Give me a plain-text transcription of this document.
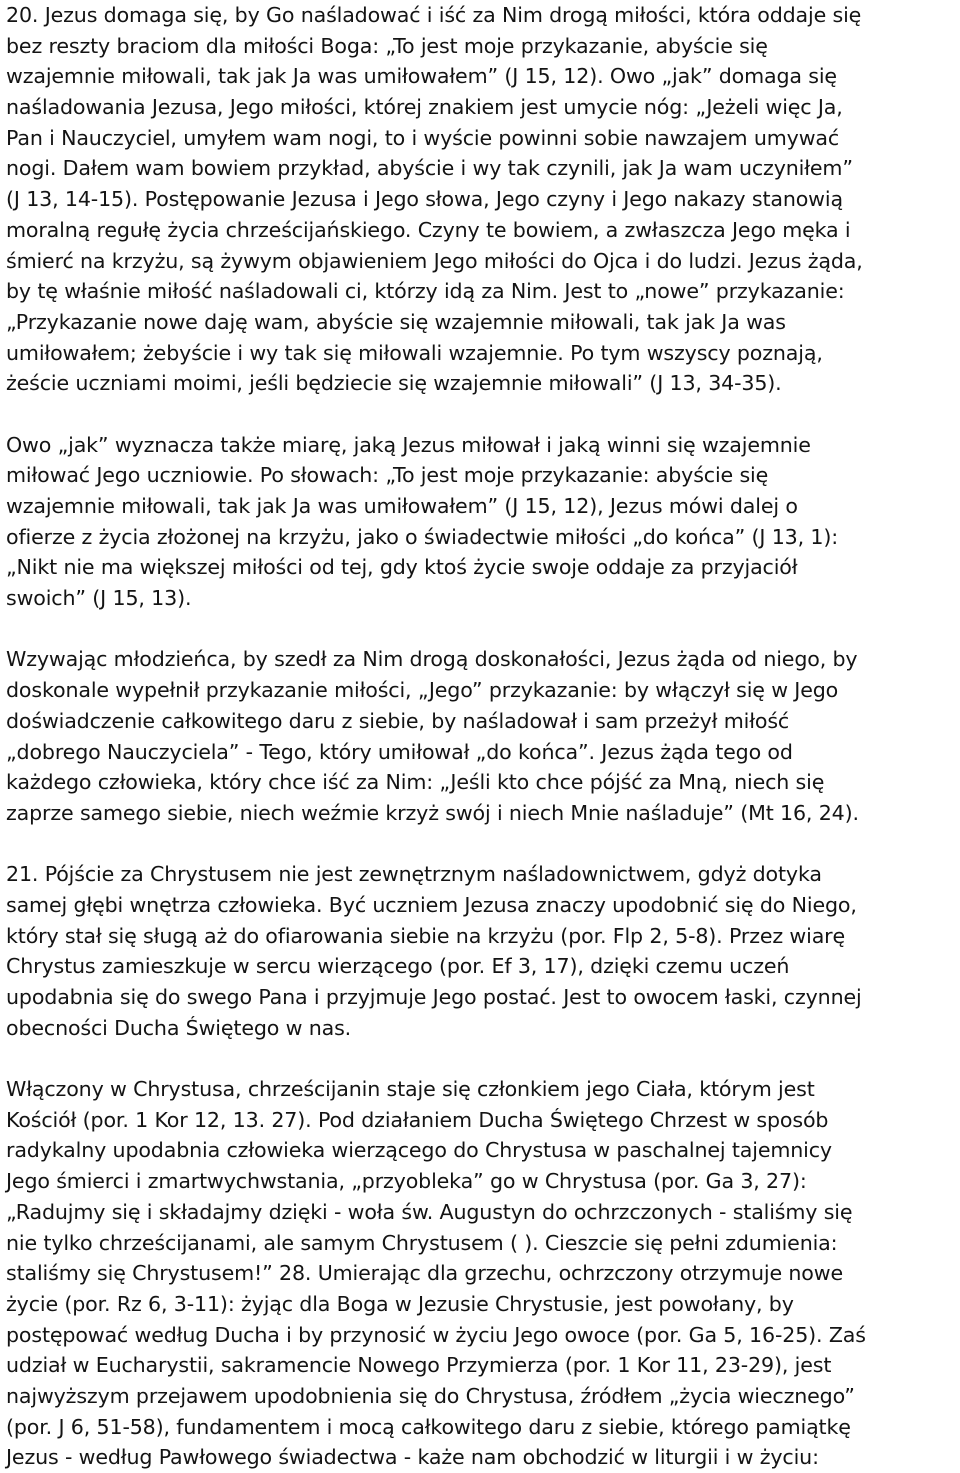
20. Jezus domaga się, by Go naśladować i iść za Nim drogą miłości, która oddaje się
bez reszty braciom dla miłości Boga: „To jest moje przykazanie, abyście się
wzajemnie miłowali, tak jak Ja was umiłowałem” (J 15, 12). Owo „jak” domaga się
naśladowania Jezusa, Jego miłości, której znakiem jest umycie nóg: „Jeżeli więc Ja,
Pan i Nauczyciel, umyłem wam nogi, to i wyście powinni sobie nawzajem umywać
nogi. Dałem wam bowiem przykład, abyście i wy tak czynili, jak Ja wam uczyniłem”
(J 13, 14-15). Postępowanie Jezusa i Jego słowa, Jego czyny i Jego nakazy stanowią
moralną regułę życia chrześcijańskiego. Czyny te bowiem, a zwłaszcza Jego męka i
śmierć na krzyżu, są żywym objawieniem Jego miłości do Ojca i do ludzi. Jezus żąda,
by tę właśnie miłość naśladowali ci, którzy idą za Nim. Jest to „nowe” przykazanie:
„Przykazanie nowe daję wam, abyście się wzajemnie miłowali, tak jak Ja was
umiłowałem; żebyście i wy tak się miłowali wzajemnie. Po tym wszyscy poznają,
żeście uczniami moimi, jeśli będziecie się wzajemnie miłowali” (J 13, 34-35).

Owo „jak” wyznacza także miarę, jaką Jezus miłował i jaką winni się wzajemnie
miłować Jego uczniowie. Po słowach: „To jest moje przykazanie: abyście się
wzajemnie miłowali, tak jak Ja was umiłowałem” (J 15, 12), Jezus mówi dalej o
ofierze z życia złożonej na krzyżu, jako o świadectwie miłości „do końca” (J 13, 1):
„Nikt nie ma większej miłości od tej, gdy ktoś życie swoje oddaje za przyjaciół
swoich” (J 15, 13).

Wzywając młodzieńca, by szedł za Nim drogą doskonałości, Jezus żąda od niego, by
doskonale wypełnił przykazanie miłości, „Jego” przykazanie: by włączył się w Jego
doświadczenie całkowitego daru z siebie, by naśladował i sam przeżył miłość
„dobrego Nauczyciela” - Tego, który umiłował „do końca”. Jezus żąda tego od
każdego człowieka, który chce iść za Nim: „Jeśli kto chce pójść za Mną, niech się
zaprze samego siebie, niech weźmie krzyż swój i niech Mnie naśladuje” (Mt 16, 24).

21. Pójście za Chrystusem nie jest zewnętrznym naśladownictwem, gdyż dotyka
samej głębi wnętrza człowieka. Być uczniem Jezusa znaczy upodobnić się do Niego,
który stał się sługą aż do ofiarowania siebie na krzyżu (por. Flp 2, 5-8). Przez wiarę
Chrystus zamieszkuje w sercu wierzącego (por. Ef 3, 17), dzięki czemu uczeń
upodabnia się do swego Pana i przyjmuje Jego postać. Jest to owocem łaski, czynnej
obecności Ducha Świętego w nas.

Włączony w Chrystusa, chrześcijanin staje się członkiem jego Ciała, którym jest
Kościół (por. 1 Kor 12, 13. 27). Pod działaniem Ducha Świętego Chrzest w sposób
radykalny upodabnia człowieka wierzącego do Chrystusa w paschalnej tajemnicy
Jego śmierci i zmartwychwstania, „przyobleka” go w Chrystusa (por. Ga 3, 27):
„Radujmy się i składajmy dzięki - woła św. Augustyn do ochrzczonych - staliśmy się
nie tylko chrześcijanami, ale samym Chrystusem ( ). Cieszcie się pełni zdumienia:
staliśmy się Chrystusem!” 28. Umierając dla grzechu, ochrzczony otrzymuje nowe
życie (por. Rz 6, 3-11): żyjąc dla Boga w Jezusie Chrystusie, jest powołany, by
postępować według Ducha i by przynosić w życiu Jego owoce (por. Ga 5, 16-25). Zaś
udział w Eucharystii, sakramencie Nowego Przymierza (por. 1 Kor 11, 23-29), jest
najwyższym przejawem upodobnienia się do Chrystusa, źródłem „życia wiecznego”
(por. J 6, 51-58), fundamentem i mocą całkowitego daru z siebie, którego pamiątkę
Jezus - według Pawłowego świadectwa - każe nam obchodzić w liturgii i w życiu:
